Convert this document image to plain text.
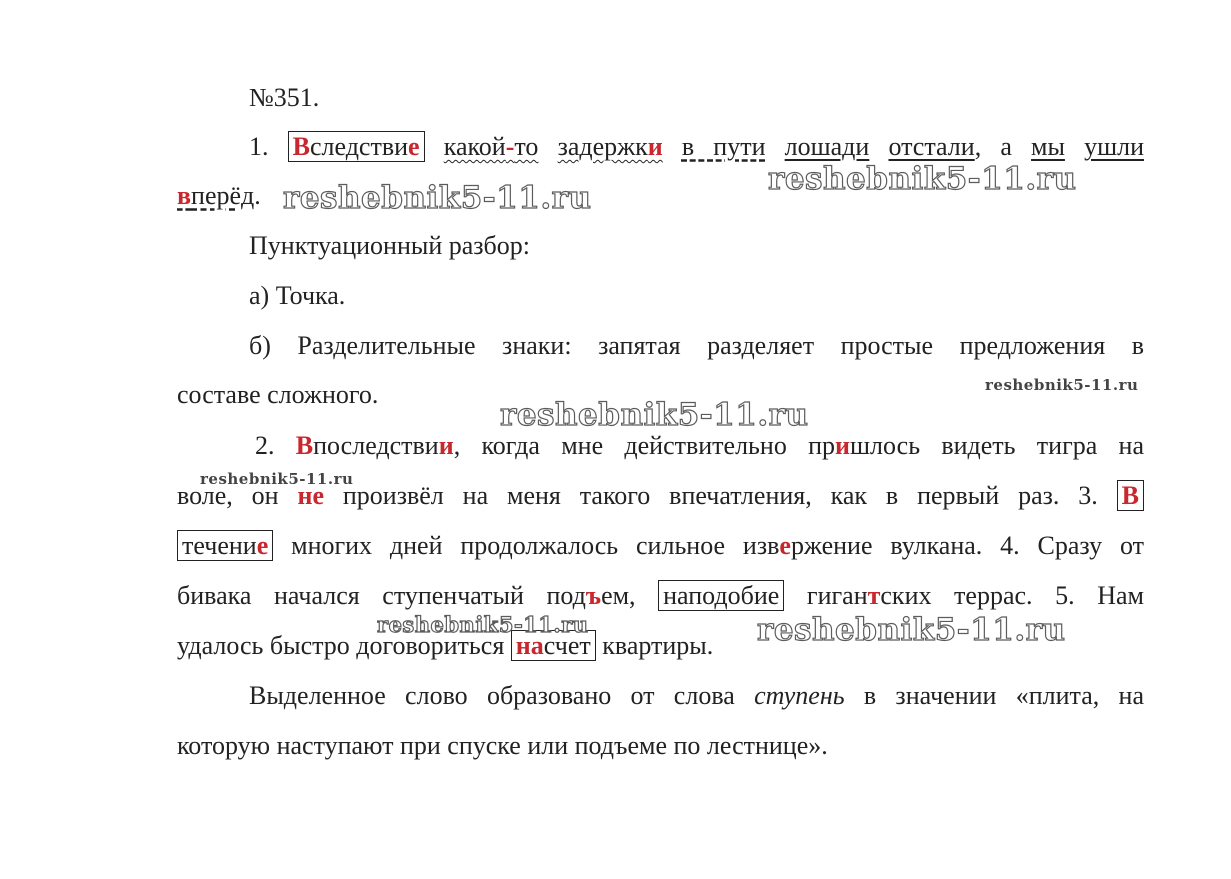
№351.
1. Вследствие какой-то задержки в пути лошади отстали, а мы ушли
вперёд.
Пунктуационный разбор:
а) Точка.
б) Разделительные знаки: запятая разделяет простые предложения в
составе сложного.
2. Впоследствии, когда мне действительно пришлось видеть тигра на
воле, он не произвёл на меня такого впечатления, как в первый раз. 3. В
течение многих дней продолжалось сильное извержение вулкана. 4. Сразу от
бивака начался ступенчатый подъем, наподобие гигантских террас. 5. Нам
удалось быстро договориться насчет квартиры.
Выделенное слово образовано от слова ступень в значении «плита, на
которую наступают при спуске или подъеме по лестнице».
reshebnik5-11.ru
reshebnik5-11.ru
reshebnik5-11.ru
reshebnik5-11.ru
reshebnik5-11.ru
reshebnik5-11.ru	reshebnik5-11.ru
